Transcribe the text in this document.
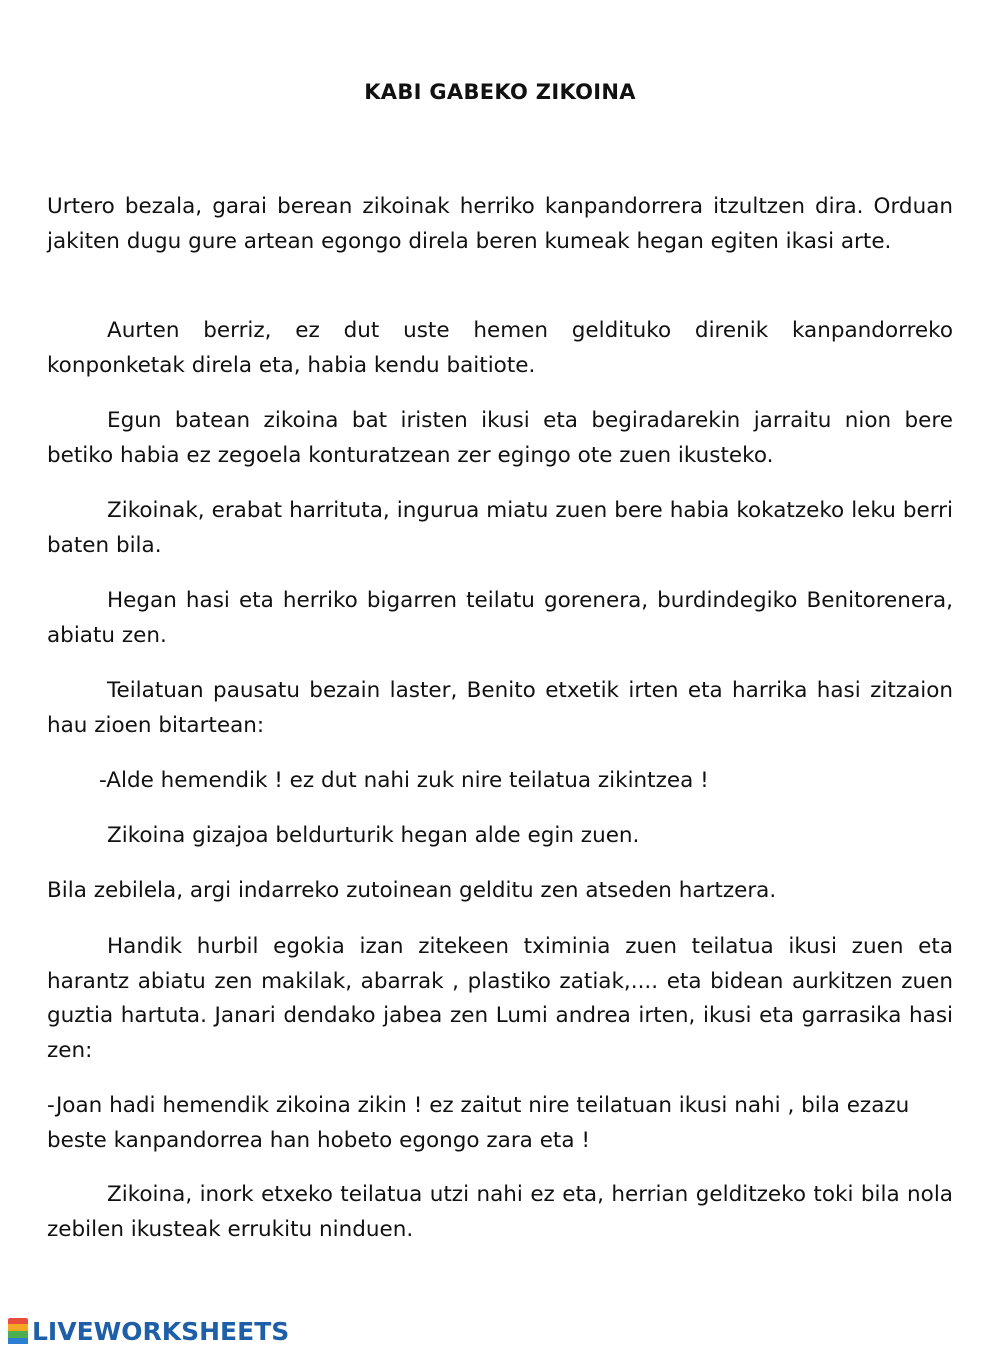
KABI GABEKO ZIKOINA

Urtero bezala, garai berean zikoinak herriko kanpandorrera itzultzen dira. Orduan jakiten dugu gure artean egongo direla beren kumeak hegan egiten ikasi arte.

Aurten berriz, ez dut uste hemen geldituko direnik kanpandorreko konponketak direla eta, habia kendu baitiote.

Egun batean zikoina bat iristen ikusi eta begiradarekin jarraitu nion bere betiko habia ez zegoela konturatzean zer egingo ote zuen ikusteko.

Zikoinak, erabat harrituta, ingurua miatu zuen bere habia kokatzeko leku berri baten bila.

Hegan hasi eta herriko bigarren teilatu gorenera, burdindegiko Benitorenera, abiatu zen.

Teilatuan pausatu bezain laster, Benito etxetik irten eta harrika hasi zitzaion hau zioen bitartean:

-Alde hemendik ! ez dut nahi zuk nire teilatua zikintzea !

Zikoina gizajoa beldurturik hegan alde egin zuen.

Bila zebilela, argi indarreko zutoinean gelditu zen atseden hartzera.

Handik hurbil egokia izan zitekeen tximinia zuen teilatua ikusi zuen eta harantz abiatu zen makilak, abarrak , plastiko zatiak,.... eta bidean aurkitzen zuen guztia hartuta. Janari dendako jabea zen Lumi andrea irten, ikusi eta garrasika hasi zen:

-Joan hadi hemendik zikoina zikin ! ez zaitut nire teilatuan ikusi nahi , bila ezazu beste kanpandorrea han hobeto egongo zara eta !

Zikoina, inork etxeko teilatua utzi nahi ez eta, herrian gelditzeko toki bila nola zebilen ikusteak errukitu ninduen.

LIVEWORKSHEETS
